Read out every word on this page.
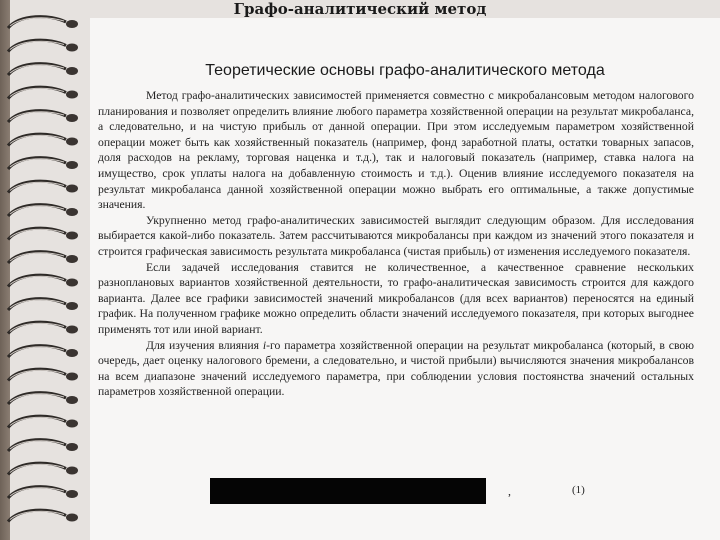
Графо-аналитический метод
Теоретические основы графо-аналитического метода

Метод графо-аналитических зависимостей применяется совместно с микробалансовым методом налогового планирования и позволяет определить влияние любого параметра хозяйственной операции на результат микробаланса, а следовательно, и на чистую прибыль от данной операции. При этом исследуемым параметром хозяйственной операции может быть как хозяйственный показатель (например, фонд заработной платы, остатки товарных запасов, доля расходов на рекламу, торговая наценка и т.д.), так и налоговый показатель (например, ставка налога на имущество, срок уплаты налога на добавленную стоимость и т.д.). Оценив влияние исследуемого показателя на результат микробаланса данной хозяйственной операции можно выбрать его оптимальные, а также допустимые значения.

Укрупненно метод графо-аналитических зависимостей выглядит следующим образом. Для исследования выбирается какой-либо показатель. Затем рассчитываются микробалансы при каждом из значений этого показателя и строится графическая зависимость результата микробаланса (чистая прибыль) от изменения исследуемого показателя.

Если задачей исследования ставится не количественное, а качественное сравнение нескольких разноплановых вариантов хозяйственной деятельности, то графо-аналитическая зависимость строится для каждого варианта. Далее все графики зависимостей значений микробалансов (для всех вариантов) переносятся на единый график. На полученном графике можно определить области значений исследуемого показателя, при которых выгоднее применять тот или иной вариант.

Для изучения влияния i-го параметра хозяйственной операции на результат микробаланса (который, в свою очередь, дает оценку налогового бремени, а следовательно, и чистой прибыли) вычисляются значения микробалансов на всем диапазоне значений исследуемого параметра, при соблюдении условия постоянства значений остальных параметров хозяйственной операции.

,	(1)
